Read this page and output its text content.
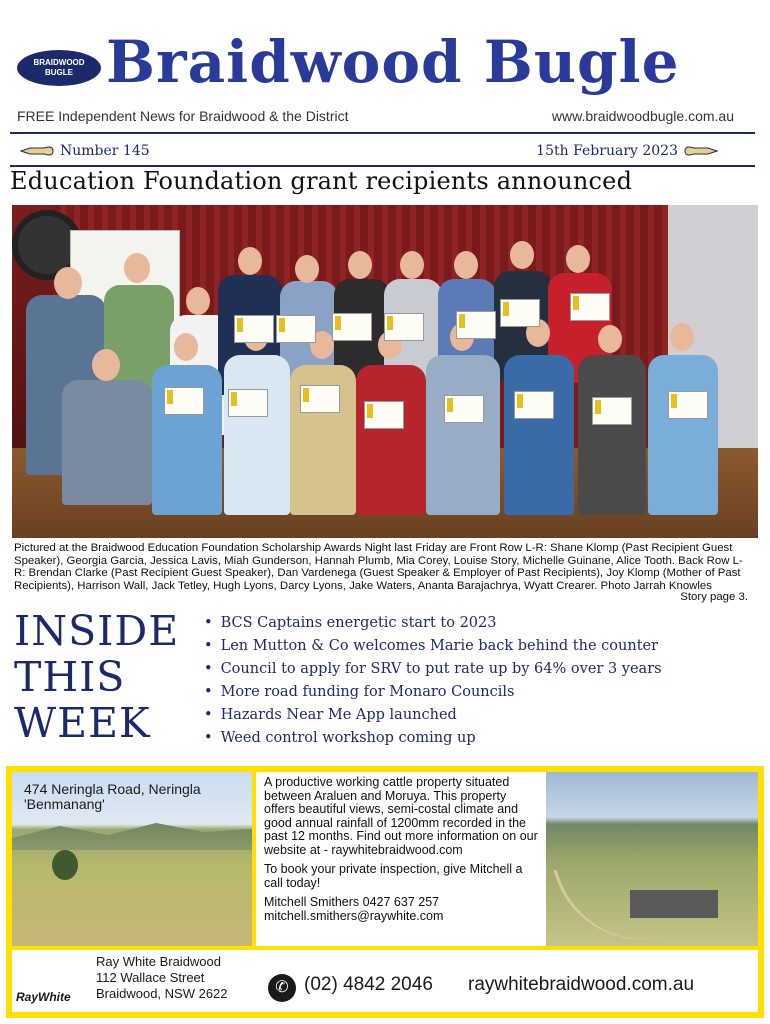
BRAIDWOOD
BUGLE Braidwood Bugle
FREE Independent News for Braidwood & the District	www.braidwoodbugle.com.au
Number 145	15th February 2023
Education Foundation grant recipients announced
Pictured at the Braidwood Education Foundation Scholarship Awards Night last Friday are Front Row L-R: Shane Klomp (Past Recipient Guest Speaker), Georgia Garcia, Jessica Lavis, Miah Gunderson, Hannah Plumb, Mia Corey, Louise Story, Michelle Guinane, Alice Tooth. Back Row L-R: Brendan Clarke (Past Recipient Guest Speaker), Dan Vardenega (Guest Speaker & Employer of Past Recipients), Joy Klomp (Mother of Past Recipients), Harrison Wall, Jack Tetley, Hugh Lyons, Darcy Lyons, Jake Waters, Ananta Barajachrya, Wyatt Crearer. Photo Jarrah Knowles
Story page 3.
INSIDE
THIS
WEEK
• BCS Captains energetic start to 2023
• Len Mutton & Co welcomes Marie back behind the counter
• Council to apply for SRV to put rate up by 64% over 3 years
• More road funding for Monaro Councils
• Hazards Near Me App launched
• Weed control workshop coming up
474 Neringla Road, Neringla
'Benmanang'

A productive working cattle property situated between Araluen and Moruya. This property offers beautiful views, semi-costal climate and good annual rainfall of 1200mm recorded in the past 12 months. Find out more information on our website at - raywhitebraidwood.com

To book your private inspection, give Mitchell a call today!

Mitchell Smithers 0427 637 257

mitchell.smithers@raywhite.com

RayWhite
Ray White Braidwood
112 Wallace Street
Braidwood, NSW 2622	✆ (02) 4842 2046 raywhitebraidwood.com.au
